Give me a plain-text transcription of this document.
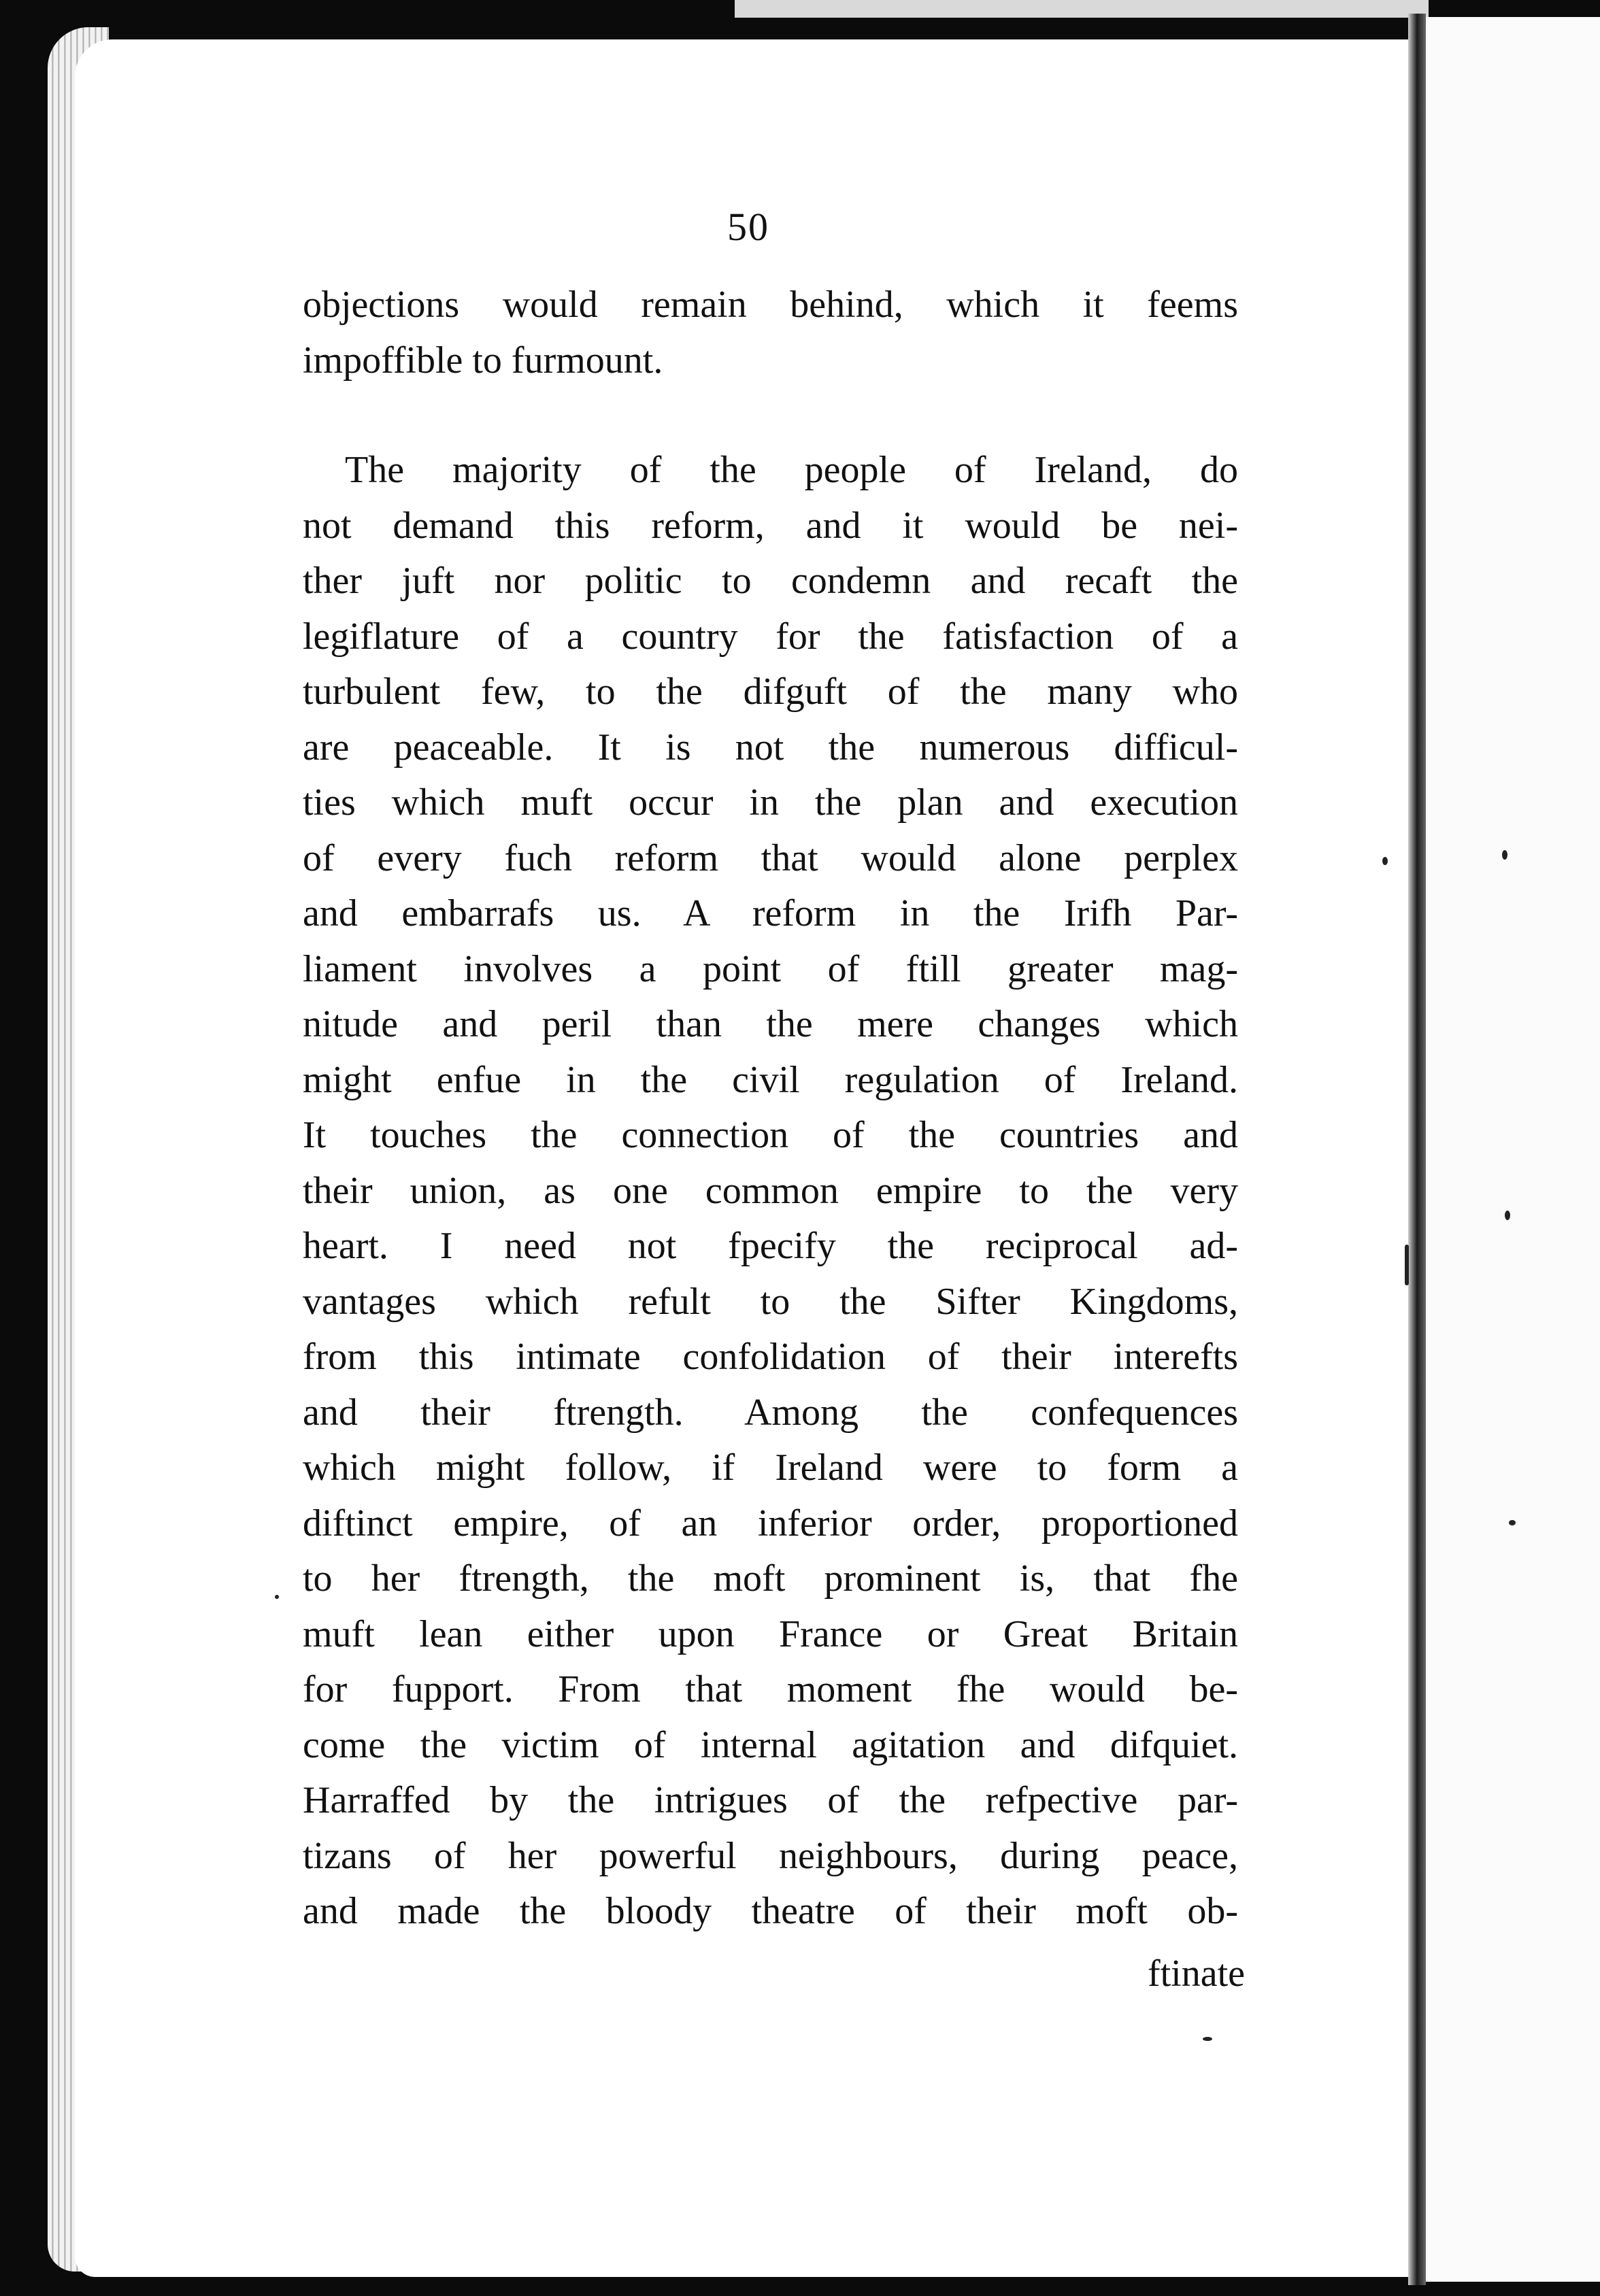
50
objections would remain behind, which it feems
impoffible to furmount.
The majority of the people of Ireland, do
not demand this reform, and it would be nei-
ther juft nor politic to condemn and recaft the
legiflature of a country for the fatisfaction of a
turbulent few, to the difguft of the many who
are peaceable. It is not the numerous difficul-
ties which muft occur in the plan and execution
of every fuch reform that would alone perplex
and embarrafs us. A reform in the Irifh Par-
liament involves a point of ftill greater mag-
nitude and peril than the mere changes which
might enfue in the civil regulation of Ireland.
It touches the connection of the countries and
their union, as one common empire to the very
heart. I need not fpecify the reciprocal ad-
vantages which refult to the Sifter Kingdoms,
from this intimate confolidation of their interefts
and their ftrength. Among the confequences
which might follow, if Ireland were to form a
diftinct empire, of an inferior order, proportioned
to her ftrength, the moft prominent is, that fhe
muft lean either upon France or Great Britain
for fupport. From that moment fhe would be-
come the victim of internal agitation and difquiet.
Harraffed by the intrigues of the refpective par-
tizans of her powerful neighbours, during peace,
and made the bloody theatre of their moft ob-
ftinate
